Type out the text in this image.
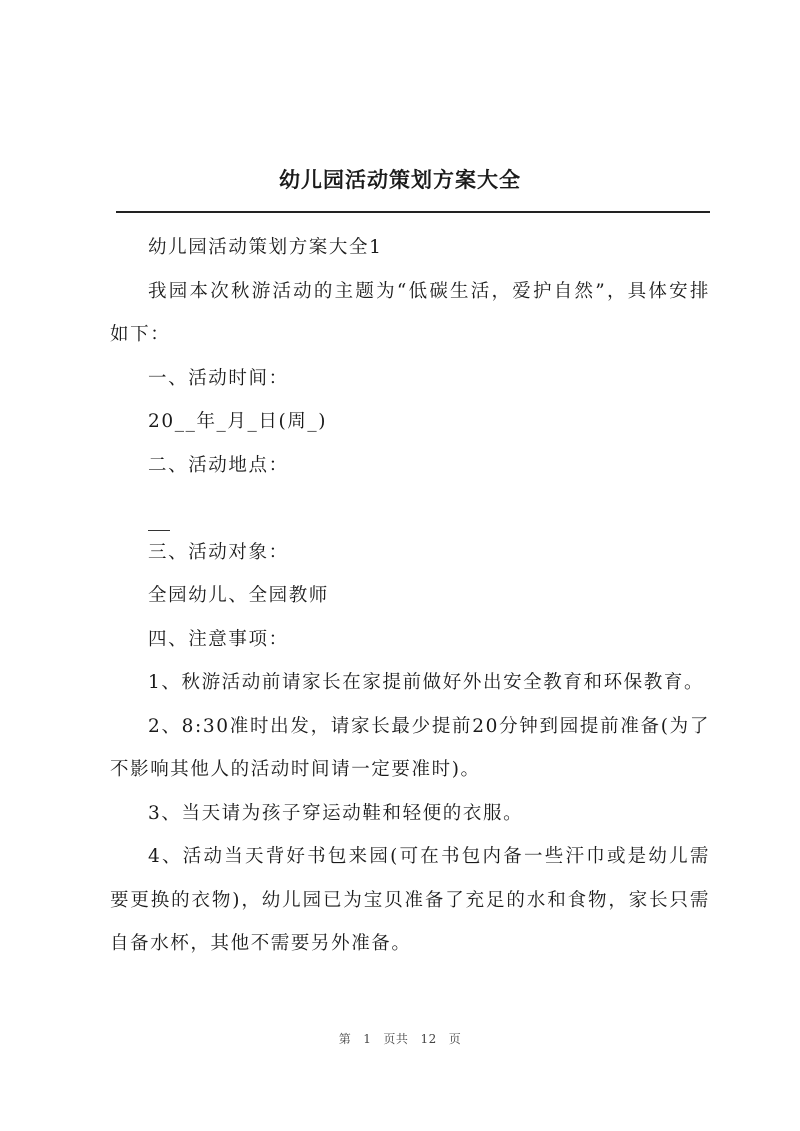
幼儿园活动策划方案大全

幼儿园活动策划方案大全1

我园本次秋游活动的主题为“低碳生活，爱护自然”，具体安排如下：

一、活动时间：

20__年_月_日(周_)

二、活动地点：

三、活动对象：

全园幼儿、全园教师

四、注意事项：

1、秋游活动前请家长在家提前做好外出安全教育和环保教育。

2、8:30准时出发，请家长最少提前20分钟到园提前准备(为了不影响其他人的活动时间请一定要准时)。

3、当天请为孩子穿运动鞋和轻便的衣服。

4、活动当天背好书包来园(可在书包内备一些汗巾或是幼儿需要更换的衣物)，幼儿园已为宝贝准备了充足的水和食物，家长只需自备水杯，其他不需要另外准备。

第 1 页共 12 页
